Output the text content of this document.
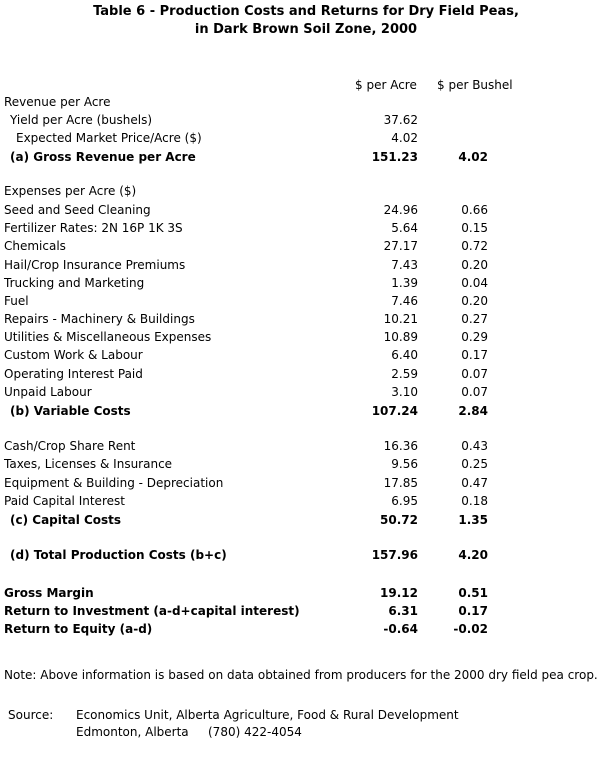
Table 6 - Production Costs and Returns for Dry Field Peas,
in Dark Brown Soil Zone, 2000
$ per Acre $ per Bushel
Revenue per Acre
Yield per Acre (bushels)	37.62
Expected Market Price/Acre ($)	4.02
(a) Gross Revenue per Acre	151.23	4.02
Expenses per Acre ($)
Seed and Seed Cleaning	24.96	0.66
Fertilizer Rates: 2N 16P 1K 3S	5.64	0.15
Chemicals	27.17	0.72
Hail/Crop Insurance Premiums	7.43	0.20
Trucking and Marketing	1.39	0.04
Fuel	7.46	0.20
Repairs - Machinery & Buildings	10.21	0.27
Utilities & Miscellaneous Expenses	10.89	0.29
Custom Work & Labour	6.40	0.17
Operating Interest Paid	2.59	0.07
Unpaid Labour	3.10	0.07
(b) Variable Costs	107.24	2.84
Cash/Crop Share Rent	16.36	0.43
Taxes, Licenses & Insurance	9.56	0.25
Equipment & Building - Depreciation	17.85	0.47
Paid Capital Interest	6.95	0.18
(c) Capital Costs	50.72	1.35
(d) Total Production Costs (b+c)	157.96	4.20
Gross Margin	19.12	0.51
Return to Investment (a-d+capital interest)	6.31	0.17
Return to Equity (a-d)	-0.64	-0.02
Note: Above information is based on data obtained from producers for the 2000 dry field pea crop.
Source: Economics Unit, Alberta Agriculture, Food & Rural Development
Edmonton, Alberta (780) 422-4054
